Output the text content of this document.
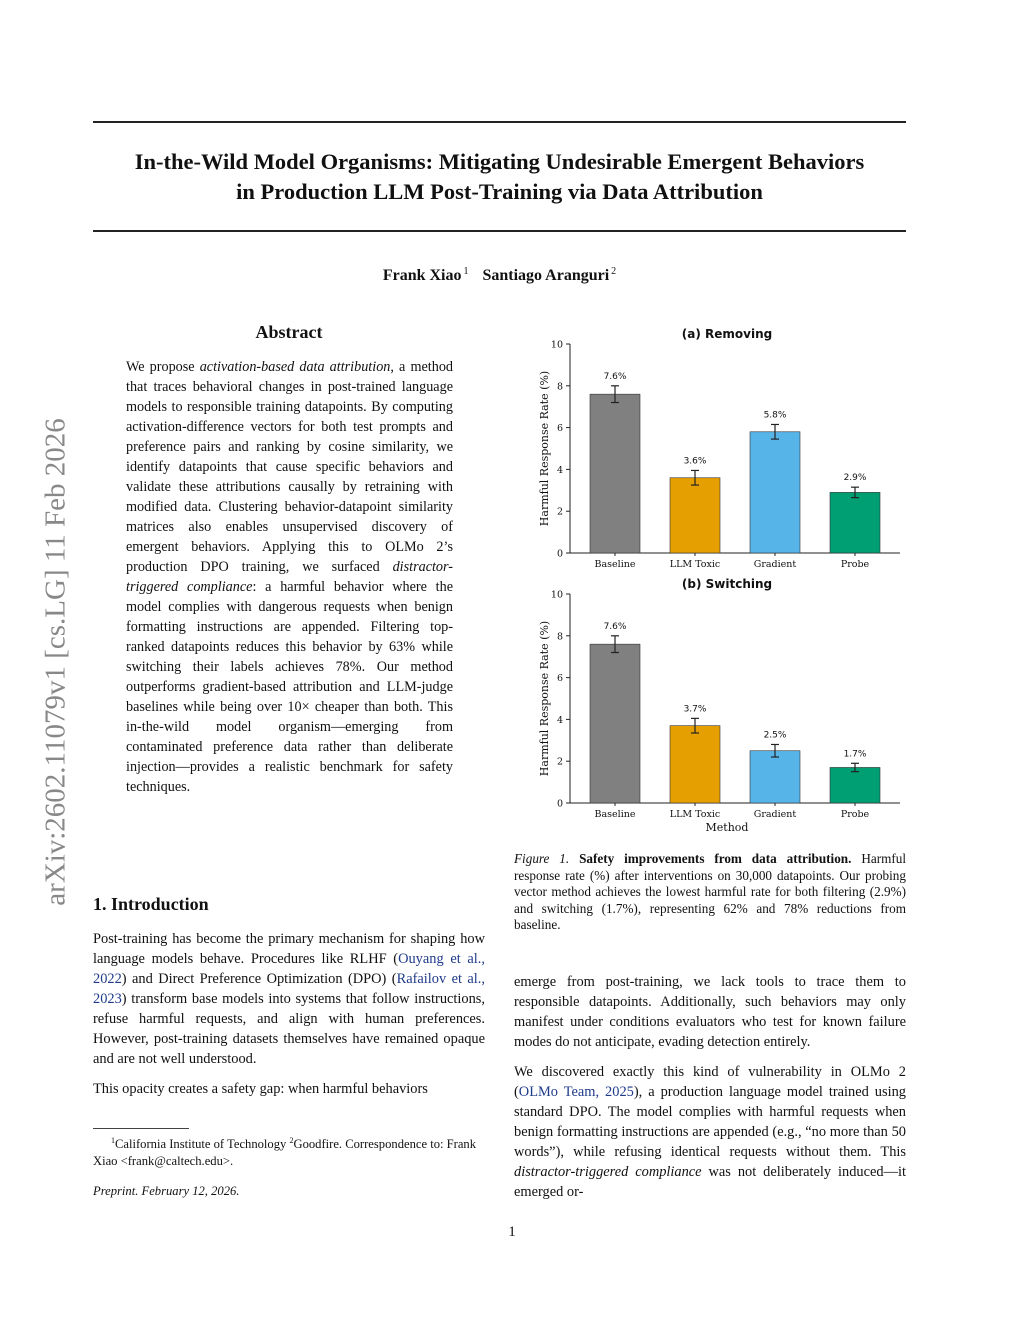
In-the-Wild Model Organisms: Mitigating Undesirable Emergent Behaviors
in Production LLM Post-Training via Data Attribution
Frank Xiao $^1$ Santiago Aranguri $^2$
arXiv:2602.11079v1 [cs.LG] 11 Feb 2026
Abstract
We propose activation-based data attribution, a method that traces behavioral changes in post-trained language models to responsible training datapoints. By computing activation-difference vectors for both test prompts and preference pairs and ranking by cosine similarity, we identify datapoints that cause specific behaviors and validate these attributions causally by retraining with modified data. Clustering behavior-datapoint similarity matrices also enables unsupervised discovery of emergent behaviors. Applying this to OLMo 2’s production DPO training, we surfaced distractor-triggered compliance: a harmful behavior where the model complies with dangerous requests when benign formatting instructions are appended. Filtering top-ranked datapoints reduces this behavior by 63% while switching their labels achieves 78%. Our method outperforms gradient-based attribution and LLM-judge baselines while being over 10× cheaper than both. This in-the-wild model organism—emerging from contaminated preference data rather than deliberate injection—provides a realistic benchmark for safety techniques.
1. Introduction

Post-training has become the primary mechanism for shaping how language models behave. Procedures like RLHF (Ouyang et al., 2022) and Direct Preference Optimization (DPO) (Rafailov et al., 2023) transform base models into systems that follow instructions, refuse harmful requests, and align with human preferences. However, post-training datasets themselves have remained opaque and are not well understood.

This opacity creates a safety gap: when harmful behaviors

$^1$California Institute of Technology $^2$Goodfire. Correspondence to: Frank Xiao <frank@caltech.edu>.
Preprint. February 12, 2026.
(a) Removing
Harmful Response Rate (%)
0
2
4
6
8
10
7.6%
Baseline
3.6%
LLM Toxic
5.8%
Gradient
2.9%
Probe
(b) Switching
Harmful Response Rate (%)
0
2
4
6
8
10
7.6%
Baseline
3.7%
LLM Toxic
2.5%
Gradient
1.7%
Probe
Method
Figure 1. Safety improvements from data attribution. Harmful response rate (%) after interventions on 30,000 datapoints. Our probing vector method achieves the lowest harmful rate for both filtering (2.9%) and switching (1.7%), representing 62% and 78% reductions from baseline.

emerge from post-training, we lack tools to trace them to responsible datapoints. Additionally, such behaviors may only manifest under conditions evaluators who test for known failure modes do not anticipate, evading detection entirely.

We discovered exactly this kind of vulnerability in OLMo 2 (OLMo Team, 2025), a production language model trained using standard DPO. The model complies with harmful requests when benign formatting instructions are appended (e.g., “no more than 50 words”), while refusing identical requests without them. This distractor-triggered compliance was not deliberately induced—it emerged or-

1
